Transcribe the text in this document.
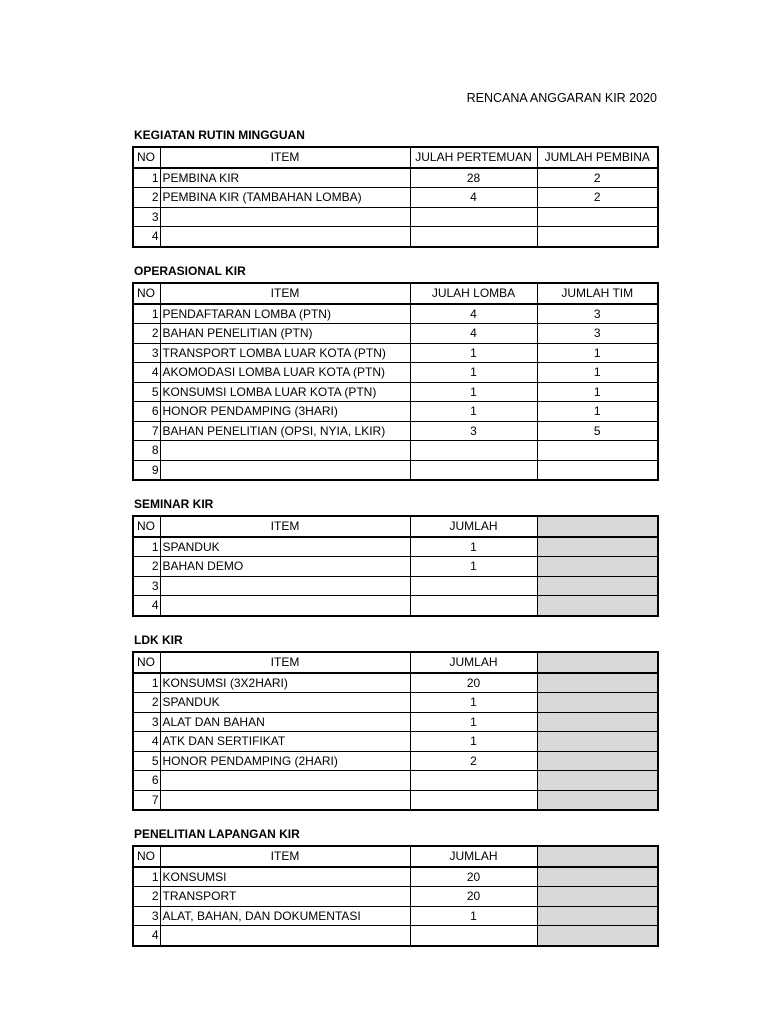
RENCANA ANGGARAN KIR 2020
KEGIATAN RUTIN MINGGUAN
NO	ITEM	JULAH PERTEMUAN	JUMLAH PEMBINA
1	PEMBINA KIR	28	2
2	PEMBINA KIR (TAMBAHAN LOMBA)	4	2
3			
4			
OPERASIONAL KIR
NO	ITEM	JULAH LOMBA	JUMLAH TIM
1	PENDAFTARAN LOMBA (PTN)	4	3
2	BAHAN PENELITIAN (PTN)	4	3
3	TRANSPORT LOMBA LUAR KOTA (PTN)	1	1
4	AKOMODASI LOMBA LUAR KOTA (PTN)	1	1
5	KONSUMSI LOMBA LUAR KOTA (PTN)	1	1
6	HONOR PENDAMPING (3HARI)	1	1
7	BAHAN PENELITIAN (OPSI, NYIA, LKIR)	3	5
8			
9			
SEMINAR KIR
NO	ITEM	JUMLAH	
1	SPANDUK	1	
2	BAHAN DEMO	1	
3			
4			
LDK KIR
NO	ITEM	JUMLAH	
1	KONSUMSI (3X2HARI)	20	
2	SPANDUK	1	
3	ALAT DAN BAHAN	1	
4	ATK DAN SERTIFIKAT	1	
5	HONOR PENDAMPING (2HARI)	2	
6			
7			
PENELITIAN LAPANGAN KIR
NO	ITEM	JUMLAH	
1	KONSUMSI	20	
2	TRANSPORT	20	
3	ALAT, BAHAN, DAN DOKUMENTASI	1	
4			
